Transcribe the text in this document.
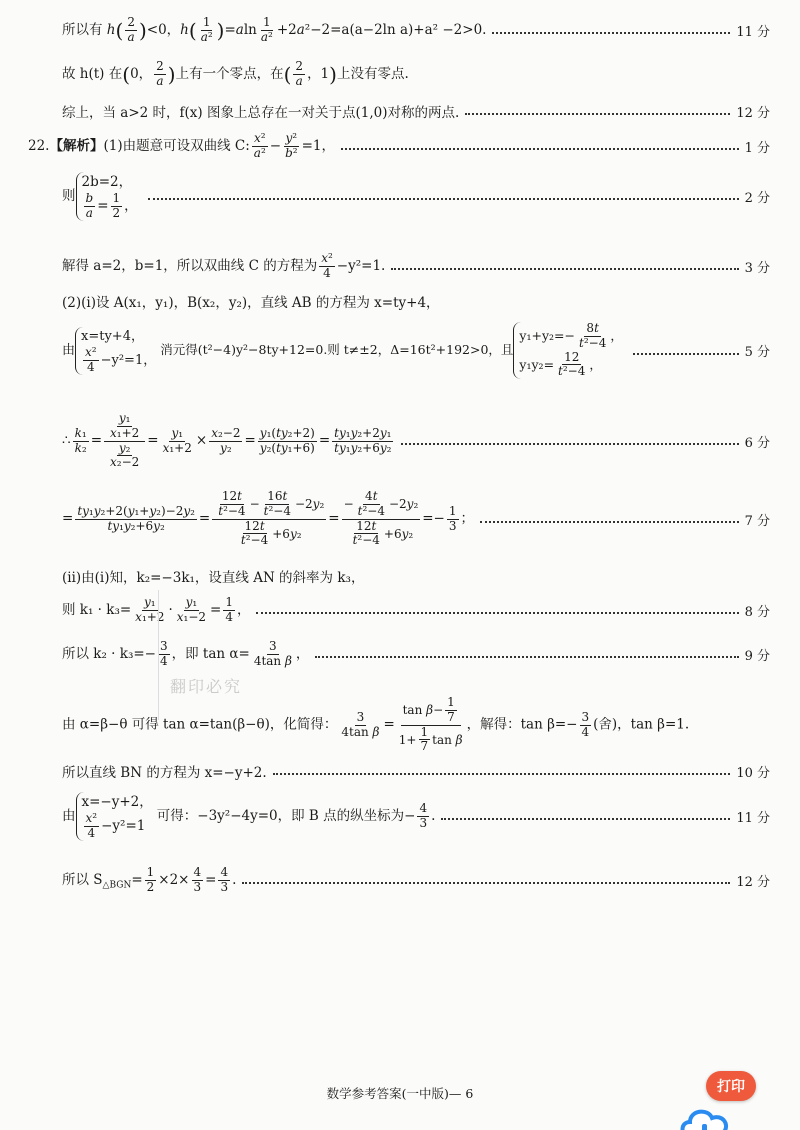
所以有 $h( \frac{2}{a} )<0$，$h( \frac{1}{\text{a²}} )=aln \frac{1}{\text{a²}} +2a^2-2=a(a-2\ln$ a)+a² −2>0.	11 分
故 h(t) 在(0， $\frac{2}{a}$ )上有一个零点，在( $\frac{2}{a}$ ，1)上没有零点.
综上，当 a>2 时，f(x) 图象上总存在一对关于点(1,0)对称的两点.	12 分
22.【解析】(1)由题意可设双曲线 C: $\frac{\text{x²}}{\text{a²}} - \frac{\text{y²}}{\text{b²}} =1$，	1 分
则
2b=2，
$\frac{b}{a} = \frac{1}{2}$ ，	2 分
解得 a=2，b=1，所以双曲线 C 的方程为 $\frac{\text{x²}}{4} -y^2=1$.	3 分
(2)(ⅰ)设 A(x₁，y₁)，B(x₂，y₂)，直线 AB 的方程为 x=ty+4，
由
x=ty+4，
$\frac{\text{x²}}{4} -y^2=1$，
消元得(t²−4)y²−8ty+12=0.则 t≠±2，Δ=16t²+192>0，且
$y_1+y_2=- \frac{8t}{\text{t²−4}}$ ，
$y_1y_2= \frac{12}{\text{t²−4}}$ ，
5 分
∴ $\frac{\text{k₁}}{\text{k₂}} = \frac{\frac{\text{y₁}}{\text{x₁+2}}}{\frac{\text{y₂}}{\text{x₂−2}}} = \frac{\text{y₁}}{\text{x₁+2}} \times \frac{\text{x₂−2}}{\text{y₂}} = \frac{\text{y₁(ty₂+2)}}{\text{y₂(ty₁+6)}} = \frac{\text{ty₁y₂+2y₁}}{\text{ty₁y₂+6y₂}}$	6 分
= $\frac{\text{ty₁y₂+2(y₁+y₂)−2y₂}}{\text{ty₁y₂+6y₂}} = \frac{\frac{12t}{\text{t²−4}} - \frac{16t}{\text{t²−4}} -2y_2}{\frac{12t}{\text{t²−4}} +6y_2} = \frac{- \frac{4t}{\text{t²−4}} -2y_2}{\frac{12t}{\text{t²−4}} +6y_2} =- \frac{1}{3}$ ；	7 分
(ⅱ)由(ⅰ)知，k₂=−3k₁，设直线 AN 的斜率为 k₃，
则 $k_1 \cdot k_3= \frac{\text{y₁}}{\text{x₁+2}} \cdot \frac{\text{y₁}}{\text{x₁−2}} = \frac{1}{4}$ ，	8 分
所以 $k_2 \cdot k_3=- \frac{3}{4}$ ，即 $\tan \alpha= \frac{3}{\text{4tan β}}$ ，	9 分
翻印必究
由 α=β−θ 可得 tan α=tan(β−θ)，化简得： $\frac{3}{\text{4tan β}} = \frac{\tan \beta- \frac{1}{7}}{1+ \frac{1}{7} \tan \beta}$ ，解得：$\tan \beta=- \frac{3}{4}$ (舍)，tan β=1.
所以直线 BN 的方程为 x=−y+2.	10 分
由
x=−y+2，
$\frac{\text{x²}}{4} -y^2=1$
可得：−3y²−4y=0，即 B 点的纵坐标为− $\frac{4}{3}$ .	11 分
所以 $S_{\triangle BGN}= \frac{1}{2} \times 2\times \frac{4}{3} = \frac{4}{3}$ .	12 分
数学参考答案(一中版)— 6	打印
